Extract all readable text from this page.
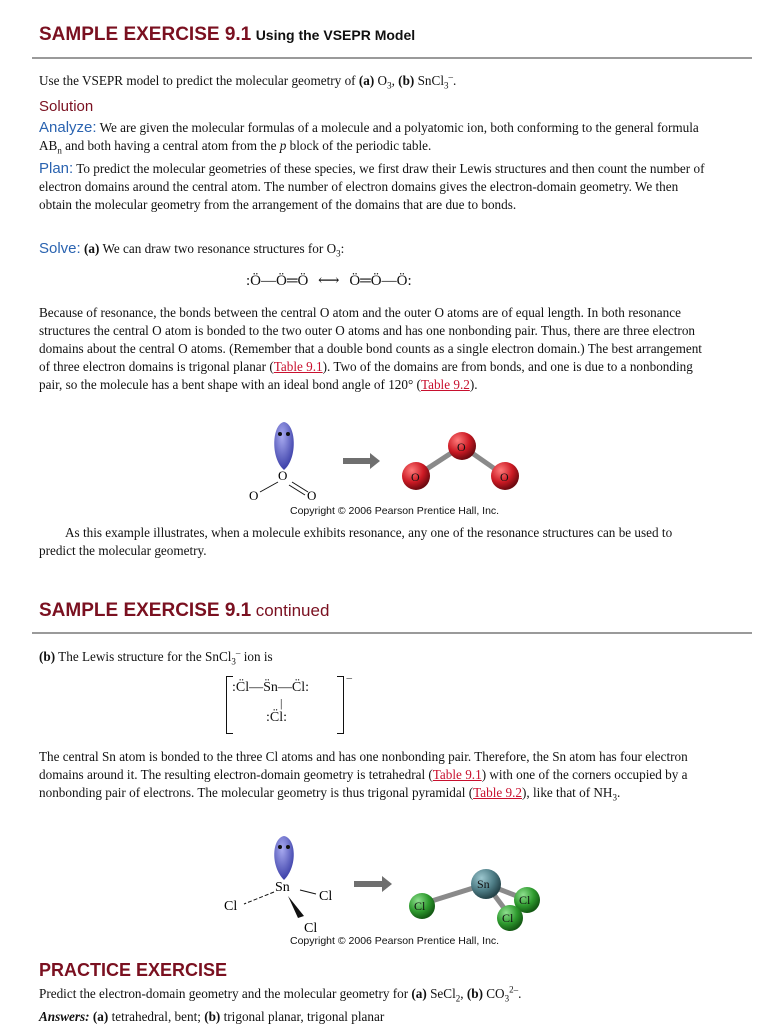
SAMPLE EXERCISE 9.1 Using the VSEPR Model
Use the VSEPR model to predict the molecular geometry of (a) $O_3$, (b) SnCl$_3$–.
Solution
Analyze: We are given the molecular formulas of a molecule and a polyatomic ion, both conforming to the general formula $AB_n$ and both having a central atom from the p block of the periodic table.
Plan: To predict the molecular geometries of these species, we first draw their Lewis structures and then count the number of electron domains around the central atom. The number of electron domains gives the electron-domain geometry. We then obtain the molecular geometry from the arrangement of the domains that are due to bonds.
Solve: (a) We can draw two resonance structures for $O_3$:
:Ö—Ö═Ö ⟷ Ö═Ö—Ö:
Because of resonance, the bonds between the central O atom and the outer O atoms are of equal length. In both resonance structures the central O atom is bonded to the two outer O atoms and has one nonbonding pair. Thus, there are three electron domains about the central O atoms. (Remember that a double bond counts as a single electron domain.) The best arrangement of three electron domains is trigonal planar (Table 9.1). Two of the domains are from bonds, and one is due to a nonbonding pair, so the molecule has a bent shape with an ideal bond angle of 120° (Table 9.2).
O
O	O
O
O
O
Copyright © 2006 Pearson Prentice Hall, Inc.
As this example illustrates, when a molecule exhibits resonance, any one of the resonance structures can be used to predict the molecular geometry.
SAMPLE EXERCISE 9.1 continued
(b) The Lewis structure for the SnCl$_3$– ion is
–
:C̈l—S̈n—C̈l:
|
:C̈l:
The central Sn atom is bonded to the three Cl atoms and has one nonbonding pair. Therefore, the Sn atom has four electron domains around it. The resulting electron-domain geometry is tetrahedral (Table 9.1) with one of the corners occupied by a nonbonding pair of electrons. The molecular geometry is thus trigonal pyramidal (Table 9.2), like that of $NH_3$.
Sn
Cl
Cl
Cl
Sn
Cl	Cl
Cl
Copyright © 2006 Pearson Prentice Hall, Inc.
PRACTICE EXERCISE
Predict the electron-domain geometry and the molecular geometry for (a) SeCl$_2$, (b) $CO_3^{2-}$.
Answers: (a) tetrahedral, bent; (b) trigonal planar, trigonal planar
